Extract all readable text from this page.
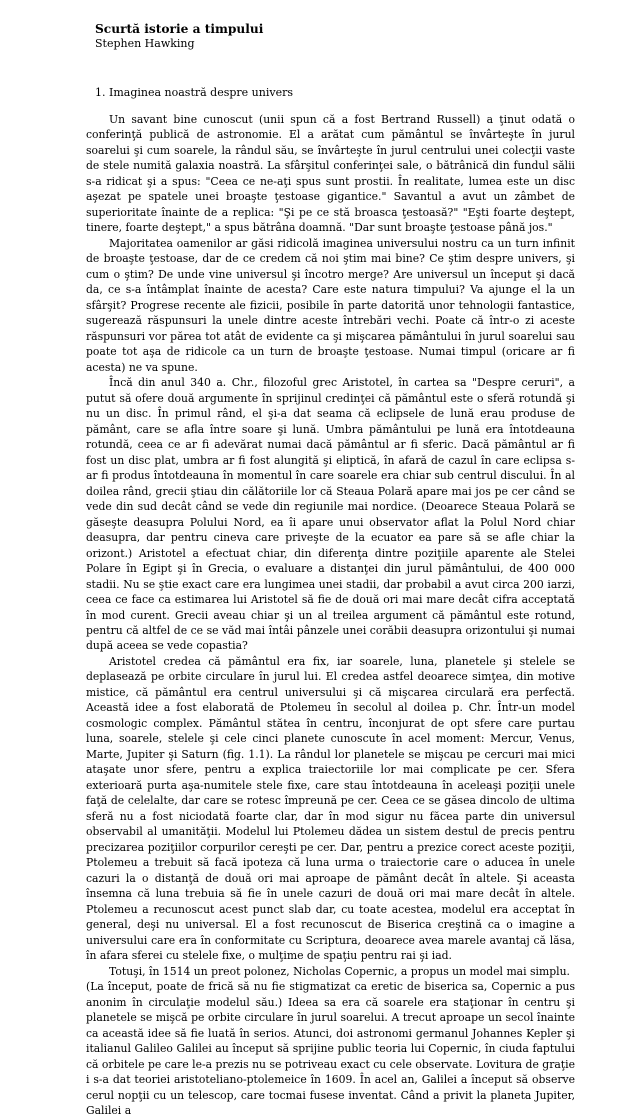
Scurtă istorie a timpului
Stephen Hawking
1. Imaginea noastră despre univers

Un savant bine cunoscut (unii spun că a fost Bertrand Russell) a ţinut odată o conferinţă publică de astronomie. El a arătat cum pământul se învârteşte în jurul soarelui şi cum soarele, la rândul său, se învârteşte în jurul centrului unei colecţii vaste de stele numită galaxia noastră. La sfârşitul conferinţei sale, o bătrânică din fundul sălii s-a ridicat şi a spus: "Ceea ce ne-aţi spus sunt prostii. În realitate, lumea este un disc aşezat pe spatele unei broaşte ţestoase gigantice." Savantul a avut un zâmbet de superioritate înainte de a replica: "Şi pe ce stă broasca ţestoasă?" "Eşti foarte deştept, tinere, foarte deştept," a spus bătrâna doamnă. "Dar sunt broaşte ţestoase până jos."

Majoritatea oamenilor ar găsi ridicolă imaginea universului nostru ca un turn infinit de broaşte ţestoase, dar de ce credem că noi ştim mai bine? Ce ştim despre univers, şi cum o ştim? De unde vine universul şi încotro merge? Are universul un început şi dacă da, ce s-a întâmplat înainte de acesta? Care este natura timpului? Va ajunge el la un sfârşit? Progrese recente ale fizicii, posibile în parte datorită unor tehnologii fantastice, sugerează răspunsuri la unele dintre aceste întrebări vechi. Poate că într-o zi aceste răspunsuri vor părea tot atât de evidente ca şi mişcarea pământului în jurul soarelui sau poate tot aşa de ridicole ca un turn de broaşte ţestoase. Numai timpul (oricare ar fi acesta) ne va spune.

Încă din anul 340 a. Chr., filozoful grec Aristotel, în cartea sa "Despre ceruri", a putut să ofere două argumente în sprijinul credinţei că pământul este o sferă rotundă şi nu un disc. În primul rând, el şi-a dat seama că eclipsele de lună erau produse de pământ, care se afla între soare şi lună. Umbra pământului pe lună era întotdeauna rotundă, ceea ce ar fi adevărat numai dacă pământul ar fi sferic. Dacă pământul ar fi fost un disc plat, umbra ar fi fost alungită şi eliptică, în afară de cazul în care eclipsa s-ar fi produs întotdeauna în momentul în care soarele era chiar sub centrul discului. În al doilea rând, grecii ştiau din călătoriile lor că Steaua Polară apare mai jos pe cer când se vede din sud decât când se vede din regiunile mai nordice. (Deoarece Steaua Polară se găseşte deasupra Polului Nord, ea îi apare unui observator aflat la Polul Nord chiar deasupra, dar pentru cineva care priveşte de la ecuator ea pare să se afle chiar la orizont.) Aristotel a efectuat chiar, din diferenţa dintre poziţiile aparente ale Stelei Polare în Egipt şi în Grecia, o evaluare a distanţei din jurul pământului, de 400 000 stadii. Nu se ştie exact care era lungimea unei stadii, dar probabil a avut circa 200 iarzi, ceea ce face ca estimarea lui Aristotel să fie de două ori mai mare decât cifra acceptată în mod curent. Grecii aveau chiar şi un al treilea argument că pământul este rotund, pentru că altfel de ce se văd mai întâi pânzele unei corăbii deasupra orizontului şi numai după aceea se vede copastia?

Aristotel credea că pământul era fix, iar soarele, luna, planetele şi stelele se deplasează pe orbite circulare în jurul lui. El credea astfel deoarece simţea, din motive mistice, că pământul era centrul universului şi că mişcarea circulară era perfectă. Această idee a fost elaborată de Ptolemeu în secolul al doilea p. Chr. Într-un model cosmologic complex. Pământul stătea în centru, înconjurat de opt sfere care purtau luna, soarele, stelele şi cele cinci planete cunoscute în acel moment: Mercur, Venus, Marte, Jupiter şi Saturn (fig. 1.1). La rândul lor planetele se mişcau pe cercuri mai mici ataşate unor sfere, pentru a explica traiectoriile lor mai complicate pe cer. Sfera exterioară purta aşa-numitele stele fixe, care stau întotdeauna în aceleaşi poziţii unele faţă de celelalte, dar care se rotesc împreună pe cer. Ceea ce se găsea dincolo de ultima sferă nu a fost niciodată foarte clar, dar în mod sigur nu făcea parte din universul observabil al umanităţii. Modelul lui Ptolemeu dădea un sistem destul de precis pentru precizarea poziţiilor corpurilor cereşti pe cer. Dar, pentru a prezice corect aceste poziţii, Ptolemeu a trebuit să facă ipoteza că luna urma o traiectorie care o aducea în unele cazuri la o distanţă de două ori mai aproape de pământ decât în altele. Şi aceasta însemna că luna trebuia să fie în unele cazuri de două ori mai mare decât în altele. Ptolemeu a recunoscut acest punct slab dar, cu toate acestea, modelul era acceptat în general, deşi nu universal. El a fost recunoscut de Biserica creştină ca o imagine a universului care era în conformitate cu Scriptura, deoarece avea marele avantaj că lăsa, în afara sferei cu stelele fixe, o mulţime de spaţiu pentru rai şi iad.

Totuşi, în 1514 un preot polonez, Nicholas Copernic, a propus un model mai simplu.

(La început, poate de frică să nu fie stigmatizat ca eretic de biserica sa, Copernic a pus anonim în circulaţie modelul său.) Ideea sa era că soarele era staţionar în centru şi planetele se mişcă pe orbite circulare în jurul soarelui. A trecut aproape un secol înainte ca această idee să fie luată în serios. Atunci, doi astronomi germanul Johannes Kepler şi italianul Galileo Galilei au început să sprijine public teoria lui Copernic, în ciuda faptului că orbitele pe care le-a prezis nu se potriveau exact cu cele observate. Lovitura de graţie i s-a dat teoriei aristoteliano-ptolemeice în 1609. În acel an, Galilei a început să observe cerul nopţii cu un telescop, care tocmai fusese inventat. Când a privit la planeta Jupiter, Galilei a
